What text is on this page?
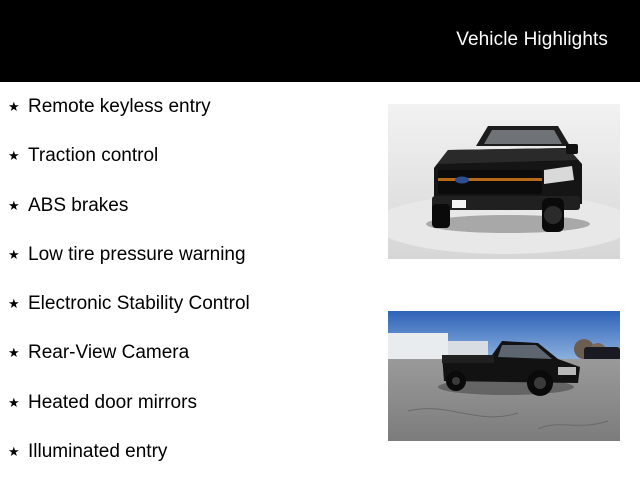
Vehicle Highlights
★ Remote keyless entry
★ Traction control
★ ABS brakes
★ Low tire pressure warning
★ Electronic Stability Control
★ Rear-View Camera
★ Heated door mirrors
★ Illuminated entry
